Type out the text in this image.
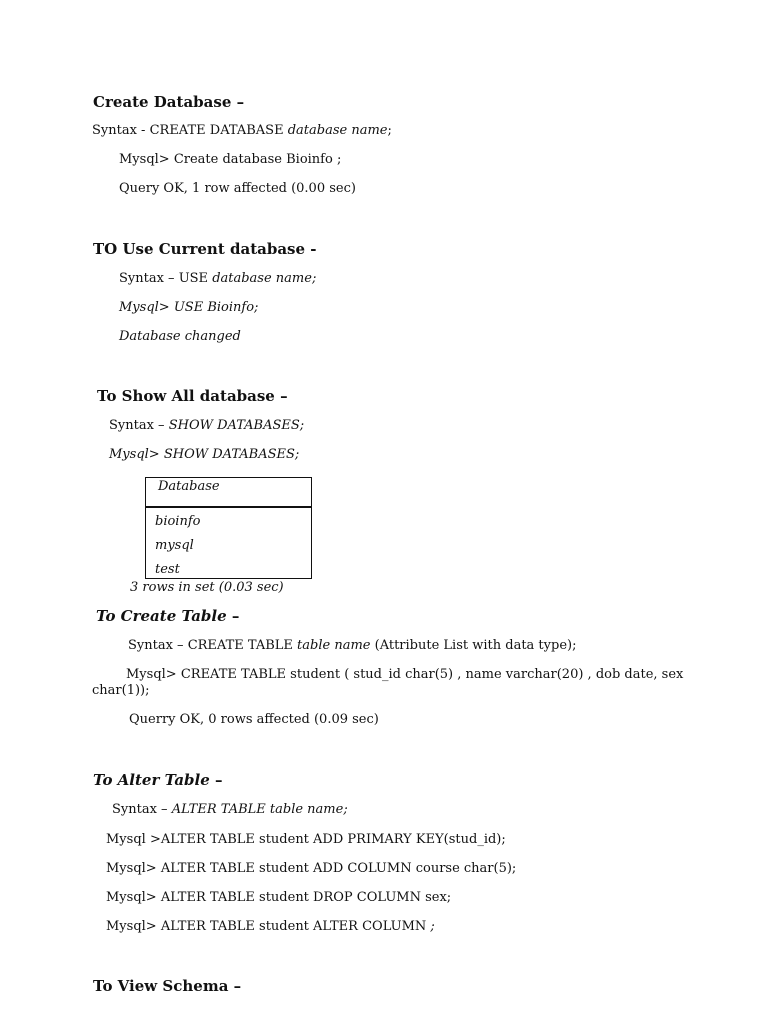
Create Database –
Syntax - CREATE DATABASE database name;
Mysql> Create database Bioinfo ;
Query OK, 1 row affected (0.00 sec)
TO Use Current database -
Syntax – USE database name;
Mysql> USE Bioinfo;
Database changed
To Show All database –
Syntax – SHOW DATABASES;
Mysql> SHOW DATABASES;
Database
bioinfo
mysql
test
3 rows in set (0.03 sec)
To Create Table –
Syntax – CREATE TABLE table name (Attribute List with data type);
Mysql> CREATE TABLE student ( stud_id char(5) , name varchar(20) , dob date, sex
char(1));
Querry OK, 0 rows affected (0.09 sec)
To Alter Table –
Syntax – ALTER TABLE table name;
Mysql >ALTER TABLE student ADD PRIMARY KEY(stud_id);
Mysql> ALTER TABLE student ADD COLUMN course char(5);
Mysql> ALTER TABLE student DROP COLUMN sex;
Mysql> ALTER TABLE student ALTER COLUMN ;
To View Schema –
